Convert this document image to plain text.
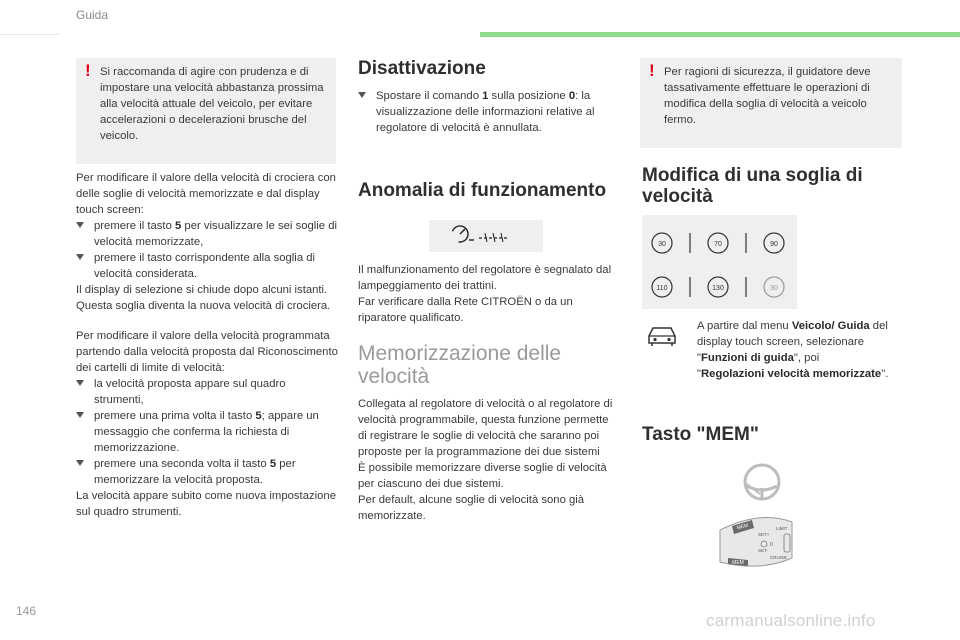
Guida
! Si raccomanda di agire con prudenza e di impostare una velocità abbastanza prossima alla velocità attuale del veicolo, per evitare accelerazioni o decelerazioni brusche del veicolo.

Per modificare il valore della velocità di crociera con delle soglie di velocità memorizzate e dal display touch screen:

premere il tasto 5 per visualizzare le sei soglie di velocità memorizzate,
premere il tasto corrispondente alla soglia di velocità considerata.

Il display di selezione si chiude dopo alcuni istanti.

Questa soglia diventa la nuova velocità di crociera.

Per modificare il valore della velocità programmata partendo dalla velocità proposta dal Riconoscimento dei cartelli di limite di velocità:

la velocità proposta appare sul quadro strumenti,
premere una prima volta il tasto 5; appare un messaggio che conferma la richiesta di memorizzazione.
premere una seconda volta il tasto 5 per memorizzare la velocità proposta.

La velocità appare subito come nuova impostazione sul quadro strumenti.

Disattivazione
Spostare il comando 1 sulla posizione 0: la visualizzazione delle informazioni relative al regolatore di velocità è annullata.
Anomalia di funzionamento

Il malfunzionamento del regolatore è segnalato dal lampeggiamento dei trattini.

Far verificare dalla Rete CITROËN o da un riparatore qualificato.

Memorizzazione delle velocità

Collegata al regolatore di velocità o al regolatore di velocità programmabile, questa funzione permette di registrare le soglie di velocità che saranno poi proposte per la programmazione dei due sistemi

È possibile memorizzare diverse soglie di velocità per ciascuno dei due sistemi.

Per default, alcune soglie di velocità sono già memorizzate.

! Per ragioni di sicurezza, il guidatore deve tassativamente effettuare le operazioni di modifica della soglia di velocità a veicolo fermo.
Modifica di una soglia di velocità
30	70	90
110	130	30
A partire dal menu Veicolo/ Guida del display touch screen, selezionare "Funzioni di guida", poi "Regolazioni velocità memorizzate".
Tasto "MEM"
MEM
MEM
SET+
SET-
LIMIT
CRUISE
0
146	carmanualsonline.info
